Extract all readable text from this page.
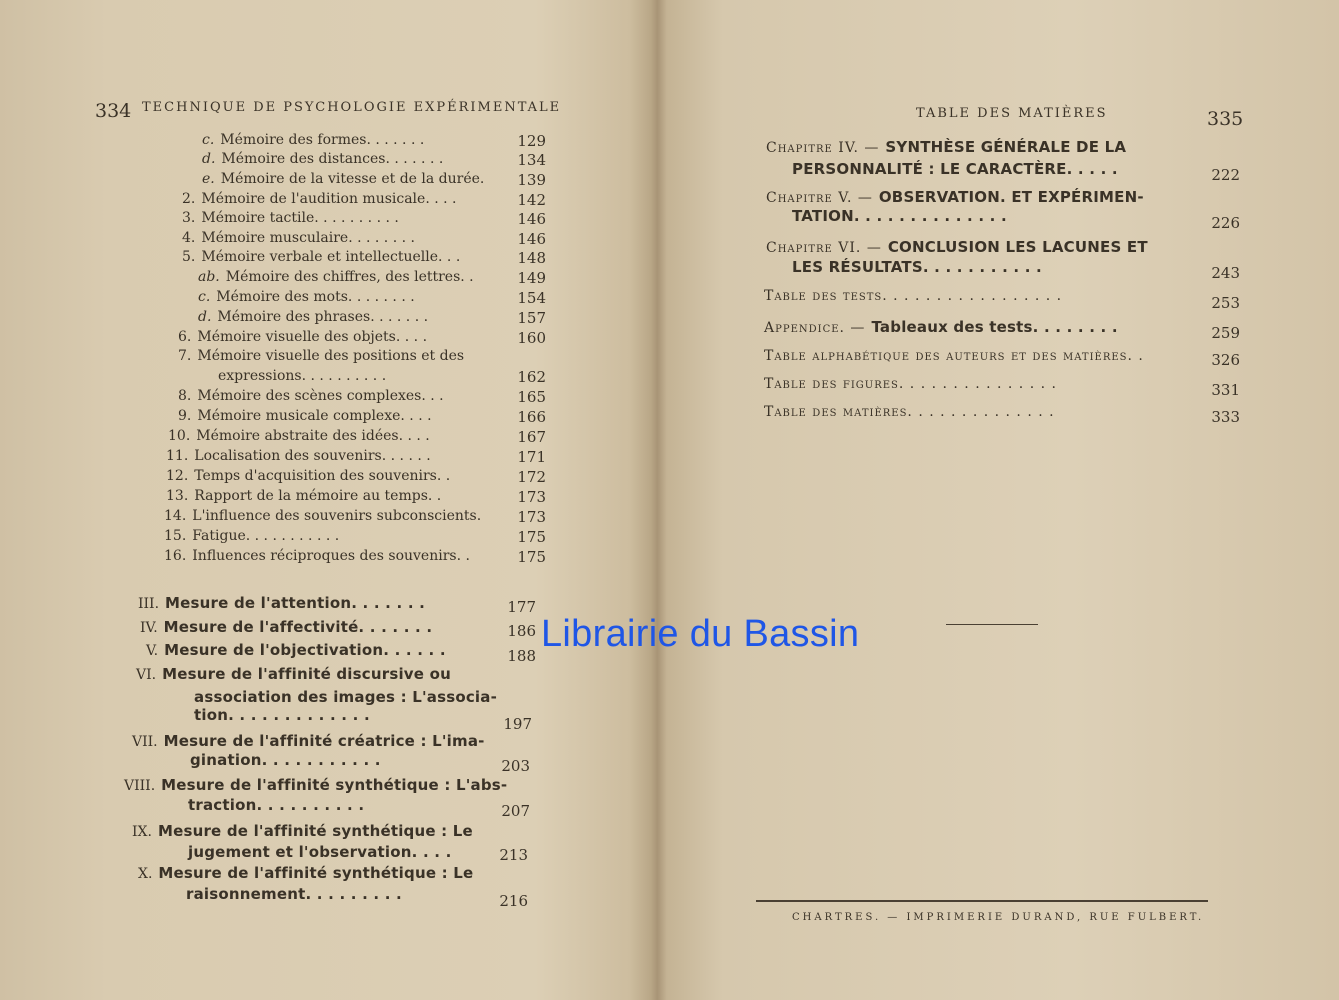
334 TECHNIQUE DE PSYCHOLOGIE EXPÉRIMENTALE
c. Mémoire des formes. . . . . . .	129
d. Mémoire des distances. . . . . . .	134
e. Mémoire de la vitesse et de la durée.	139
2. Mémoire de l'audition musicale. . . .	142
3. Mémoire tactile. . . . . . . . . .	146
4. Mémoire musculaire. . . . . . . .	146
5. Mémoire verbale et intellectuelle. . .	148
ab. Mémoire des chiffres, des lettres. .	149
c. Mémoire des mots. . . . . . . .	154
d. Mémoire des phrases. . . . . . .	157
6. Mémoire visuelle des objets. . . .	160
7. Mémoire visuelle des positions et des
expressions. . . . . . . . . .	162
8. Mémoire des scènes complexes. . .	165
9. Mémoire musicale complexe. . . .	166
10. Mémoire abstraite des idées. . . .	167
11. Localisation des souvenirs. . . . . .	171
12. Temps d'acquisition des souvenirs. .	172
13. Rapport de la mémoire au temps. .	173
14. L'influence des souvenirs subconscients.	173
15. Fatigue. . . . . . . . . . .	175
16. Influences réciproques des souvenirs. .	175
III. Mesure de l'attention. . . . . . .	177
IV. Mesure de l'affectivité. . . . . . .	186
V. Mesure de l'objectivation. . . . . .	188
VI. Mesure de l'affinité discursive ou
association des images : L'associa-
tion. . . . . . . . . . . . .	197
VII. Mesure de l'affinité créatrice : L'ima-
gination. . . . . . . . . . .	203
VIII. Mesure de l'affinité synthétique : L'abs-
traction. . . . . . . . . .	207
IX. Mesure de l'affinité synthétique : Le
jugement et l'observation. . . .	213
X. Mesure de l'affinité synthétique : Le
raisonnement. . . . . . . . .	216
TABLE DES MATIÈRES	335
Chapitre IV. — SYNTHÈSE GÉNÉRALE DE LA
PERSONNALITÉ : LE CARACTÈRE. . . . .	222
Chapitre V. — OBSERVATION. ET EXPÉRIMEN-
TATION. . . . . . . . . . . . . .	226
Chapitre VI. — CONCLUSION LES LACUNES ET
LES RÉSULTATS. . . . . . . . . . .	243
Table des tests. . . . . . . . . . . . . . . . .	253
Appendice. — Tableaux des tests. . . . . . . .	259
Table alphabétique des auteurs et des matières. .	326
Table des figures. . . . . . . . . . . . . . .	331
Table des matières. . . . . . . . . . . . . .	333
CHARTRES. — IMPRIMERIE DURAND, RUE FULBERT.
Librairie du Bassin
